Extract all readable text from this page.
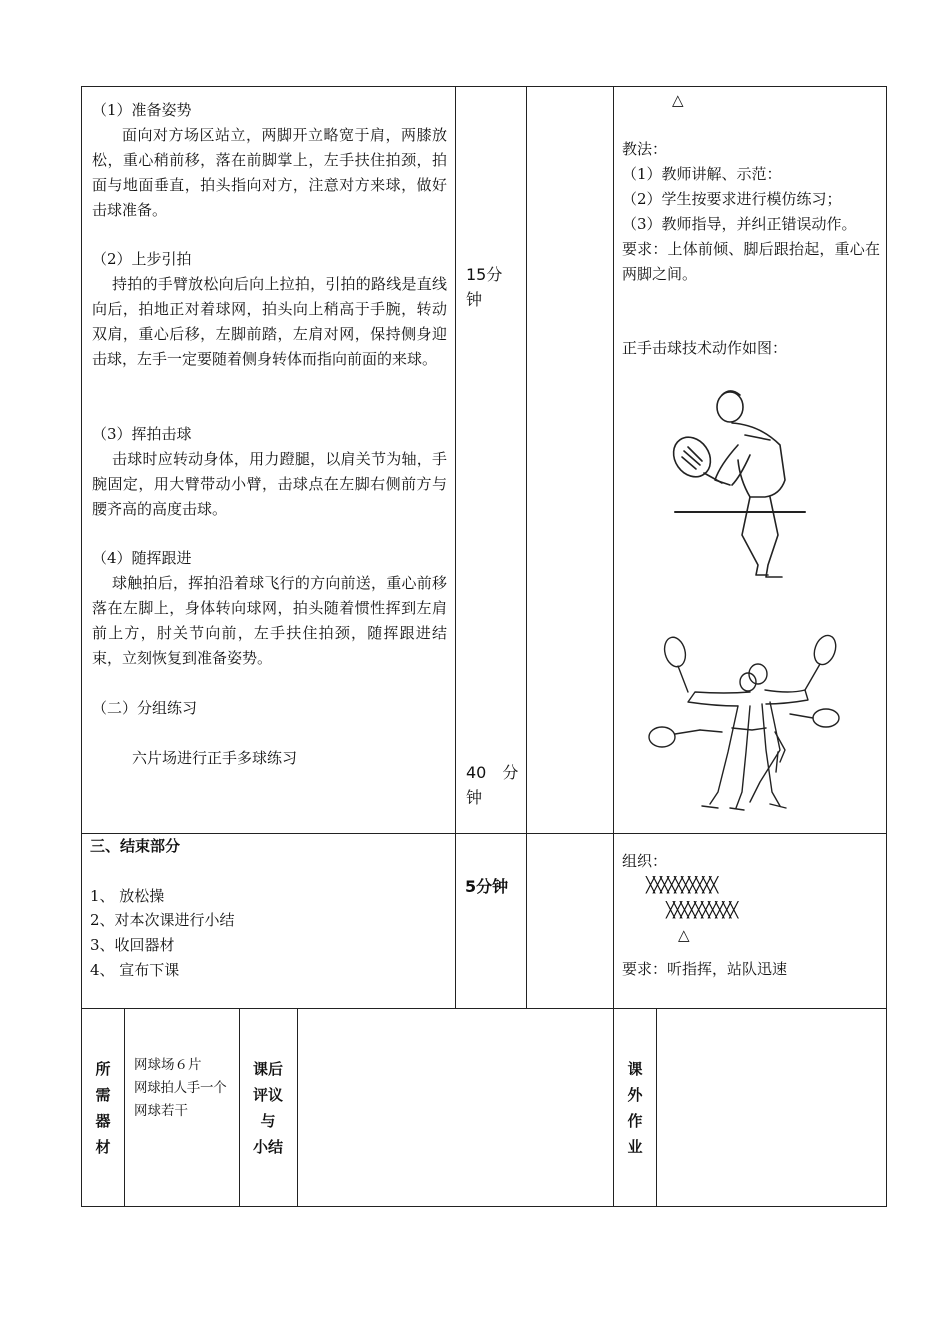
（1）准备姿势
面向对方场区站立，两脚开立略宽于肩，两膝放松，重心稍前移，落在前脚掌上，左手扶住拍颈，拍面与地面垂直，拍头指向对方，注意对方来球，做好击球准备。
（2）上步引拍
持拍的手臂放松向后向上拉拍，引拍的路线是直线向后，拍地正对着球网，拍头向上稍高于手腕，转动双肩，重心后移，左脚前踏，左肩对网，保持侧身迎击球，左手一定要随着侧身转体而指向前面的来球。
（3）挥拍击球
击球时应转动身体，用力蹬腿，以肩关节为轴，手腕固定，用大臂带动小臂，击球点在左脚右侧前方与腰齐高的高度击球。
（4）随挥跟进
球触拍后，挥拍沿着球飞行的方向前送，重心前移落在左脚上，身体转向球网，拍头随着惯性挥到左肩前上方，肘关节向前，左手扶住拍颈，随挥跟进结束，立刻恢复到准备姿势。
（二）分组练习
六片场进行正手多球练习
15分钟
40　分钟
△
教法：
（1）教师讲解、示范：
（2）学生按要求进行模仿练习；
（3）教师指导，并纠正错误动作。
要求：上体前倾、脚后跟抬起，重心在两脚之间。
正手击球技术动作如图：
三、结束部分
1、 放松操
2、对本次课进行小结
3、收回器材
4、 宣布下课
5分钟
组织：
╳╳╳╳╳╳╳╳╳╳
╳╳╳╳╳╳╳╳╳╳
△
要求：听指挥，站队迅速
所
需
器
材
网球场６片
网球拍人手一个
网球若干
课后
评议
与
小结
课
外
作
业
